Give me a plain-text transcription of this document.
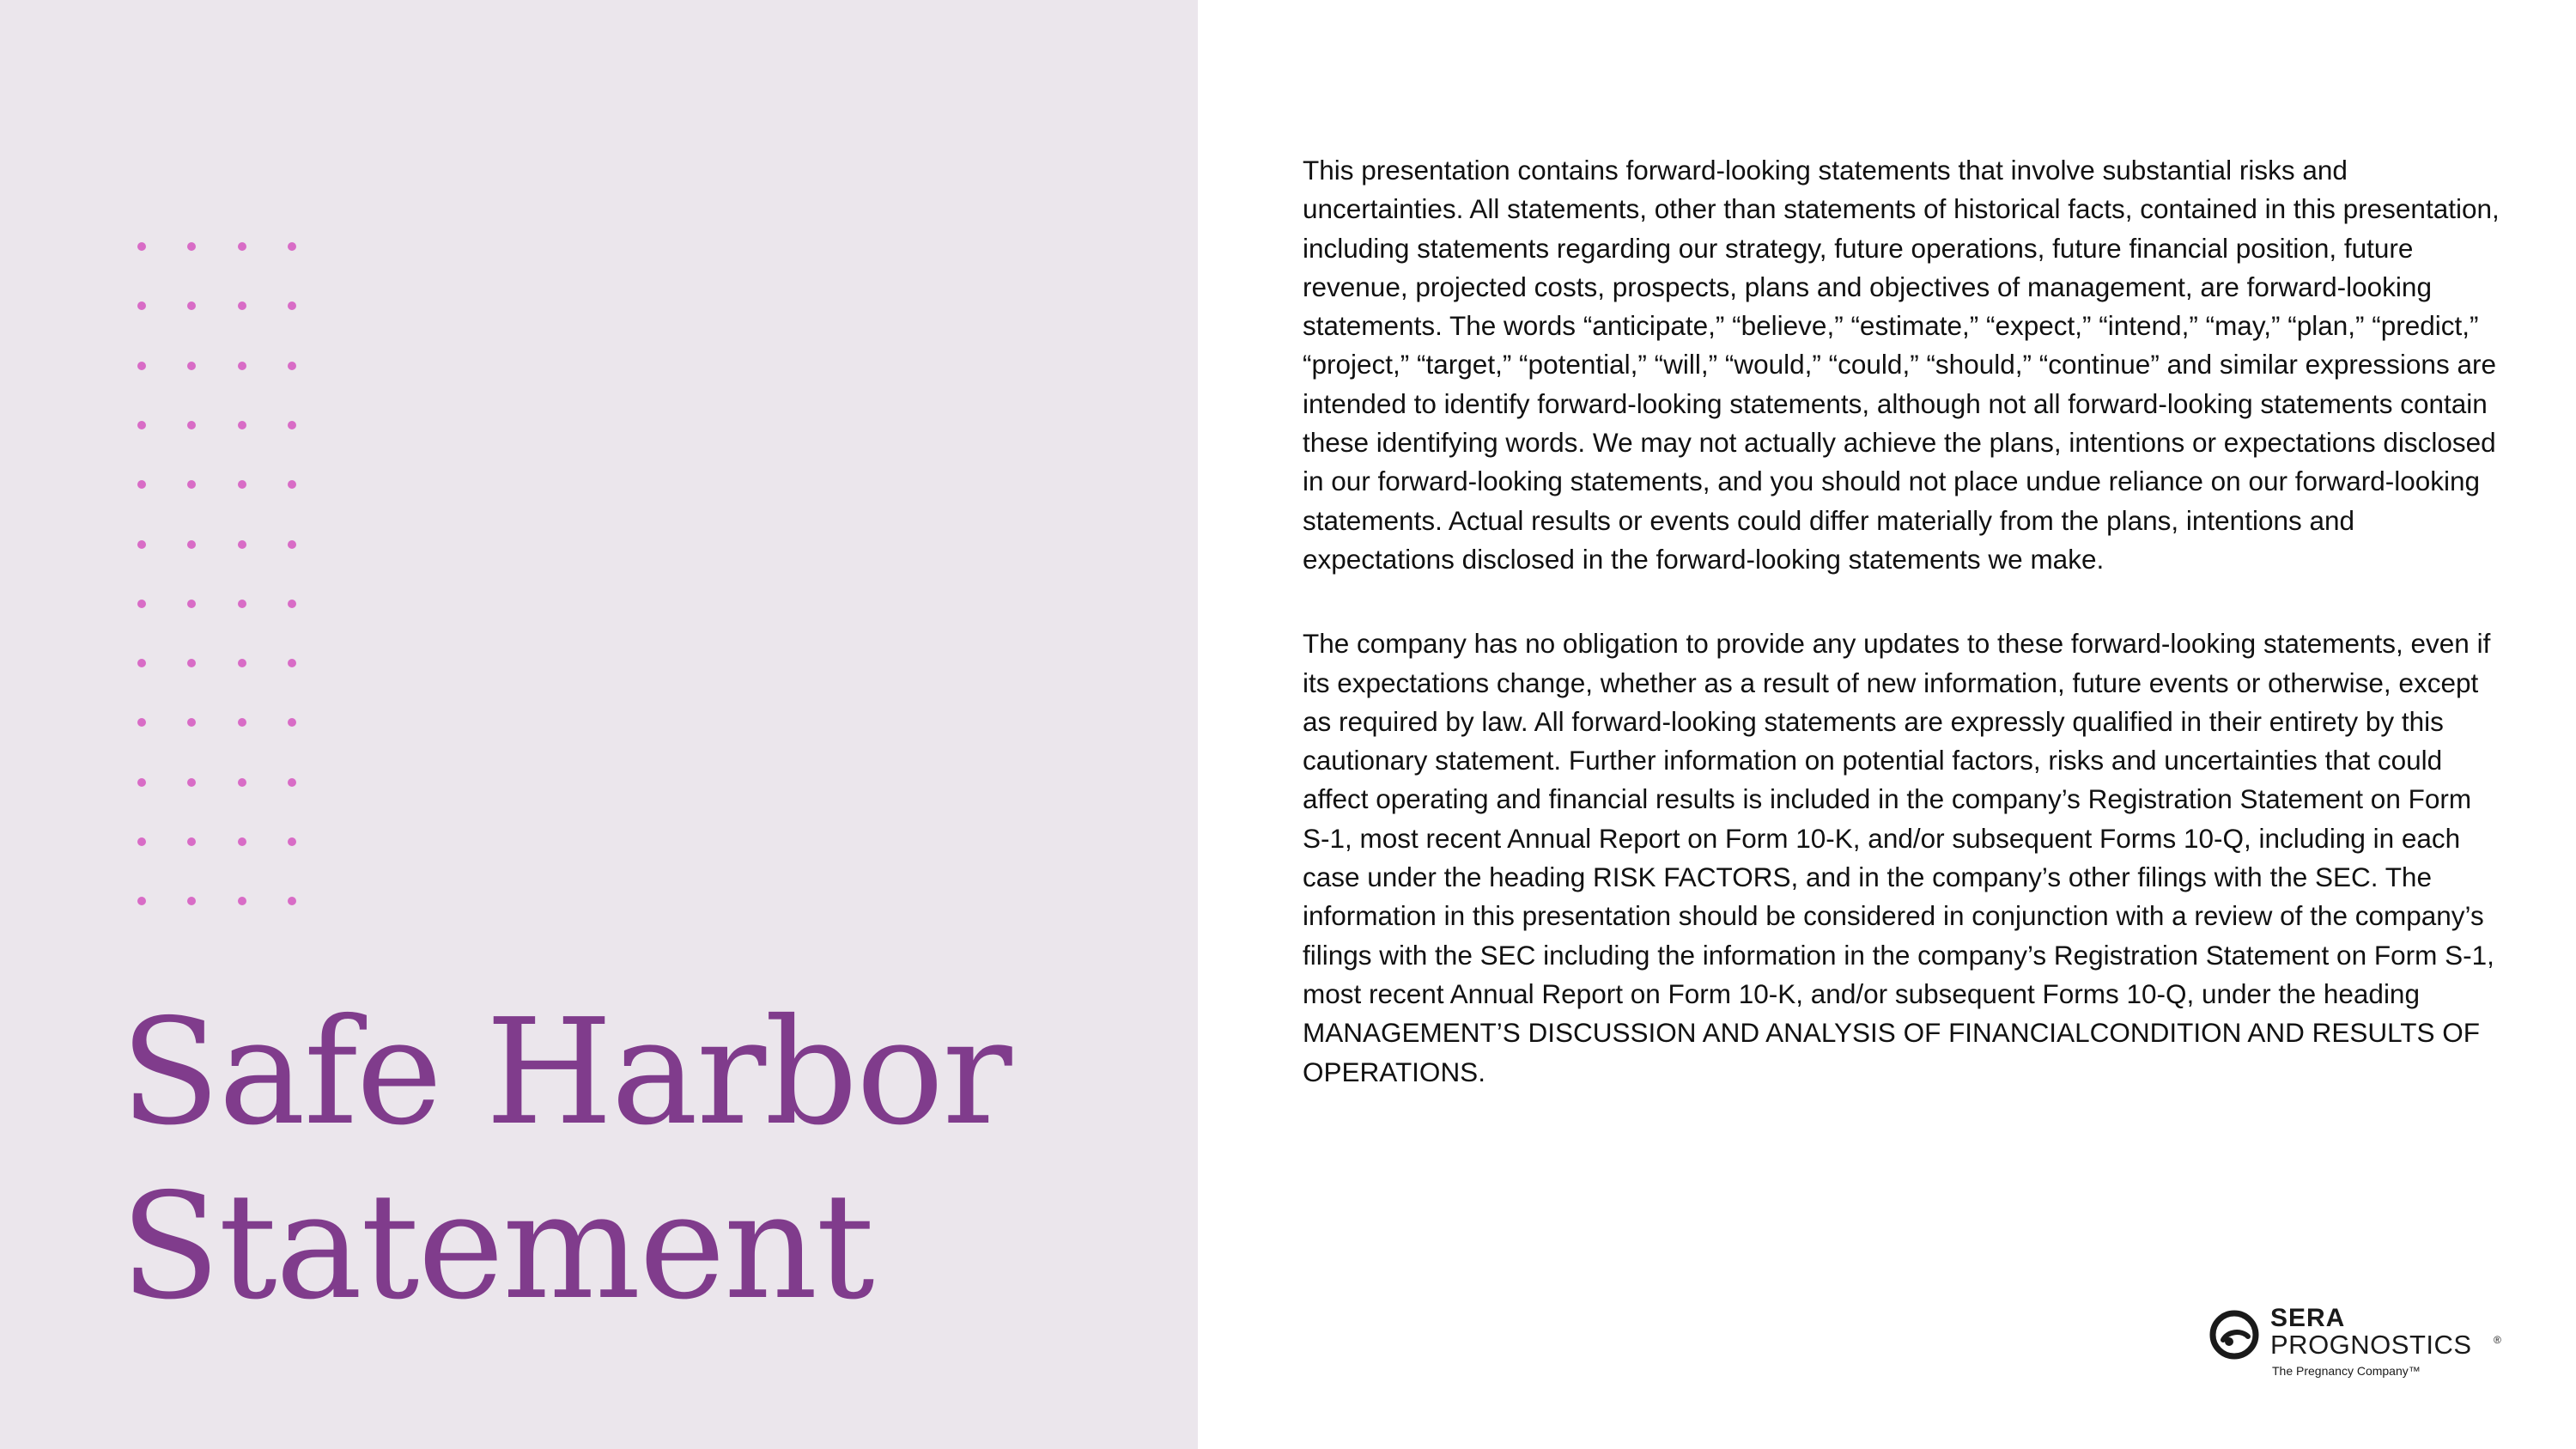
Safe Harbor
Statement

This presentation contains forward-looking statements that involve substantial risks and uncertainties. All statements, other than statements of historical facts, contained in this presentation, including statements regarding our strategy, future operations, future financial position, future revenue, projected costs, prospects, plans and objectives of management, are forward-looking statements. The words “anticipate,” “believe,” “estimate,” “expect,” “intend,” “may,” “plan,” “predict,” “project,” “target,” “potential,” “will,” “would,” “could,” “should,” “continue” and similar expressions are intended to identify forward-looking statements, although not all forward-looking statements contain these identifying words. We may not actually achieve the plans, intentions or expectations disclosed in our forward-looking statements, and you should not place undue reliance on our forward-looking statements. Actual results or events could differ materially from the plans, intentions and expectations disclosed in the forward-looking statements we make.

The company has no obligation to provide any updates to these forward-looking statements, even if its expectations change, whether as a result of new information, future events or otherwise, except as required by law. All forward-looking statements are expressly qualified in their entirety by this cautionary statement. Further information on potential factors, risks and uncertainties that could affect operating and financial results is included in the company’s Registration Statement on Form S-1, most recent Annual Report on Form 10-K, and/or subsequent Forms 10-Q, including in each case under the heading RISK FACTORS, and in the company’s other filings with the SEC. The information in this presentation should be considered in conjunction with a review of the company’s filings with the SEC including the information in the company’s Registration Statement on Form S-1, most recent Annual Report on Form 10-K, and/or subsequent Forms 10-Q, under the heading MANAGEMENT’S DISCUSSION AND ANALYSIS OF FINANCIALCONDITION AND RESULTS OF OPERATIONS.

SERA
PROGNOSTICS ®
The Pregnancy Company™
